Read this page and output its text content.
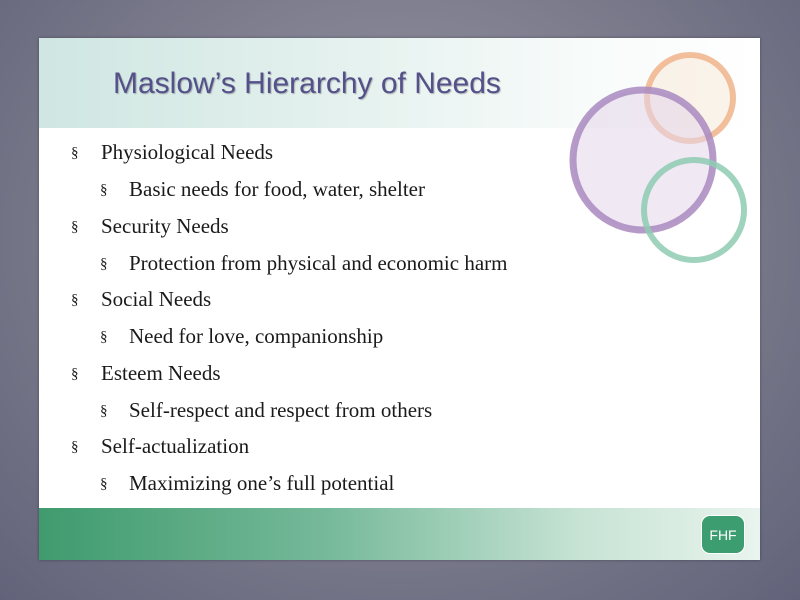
Maslow’s Hierarchy of Needs
§ Physiological Needs
§ Basic needs for food, water, shelter
§ Security Needs
§ Protection from physical and economic harm
§ Social Needs
§ Need for love, companionship
§ Esteem Needs
§ Self-respect and respect from others
§ Self-actualization
§ Maximizing one’s full potential
FHF
3 ▫
